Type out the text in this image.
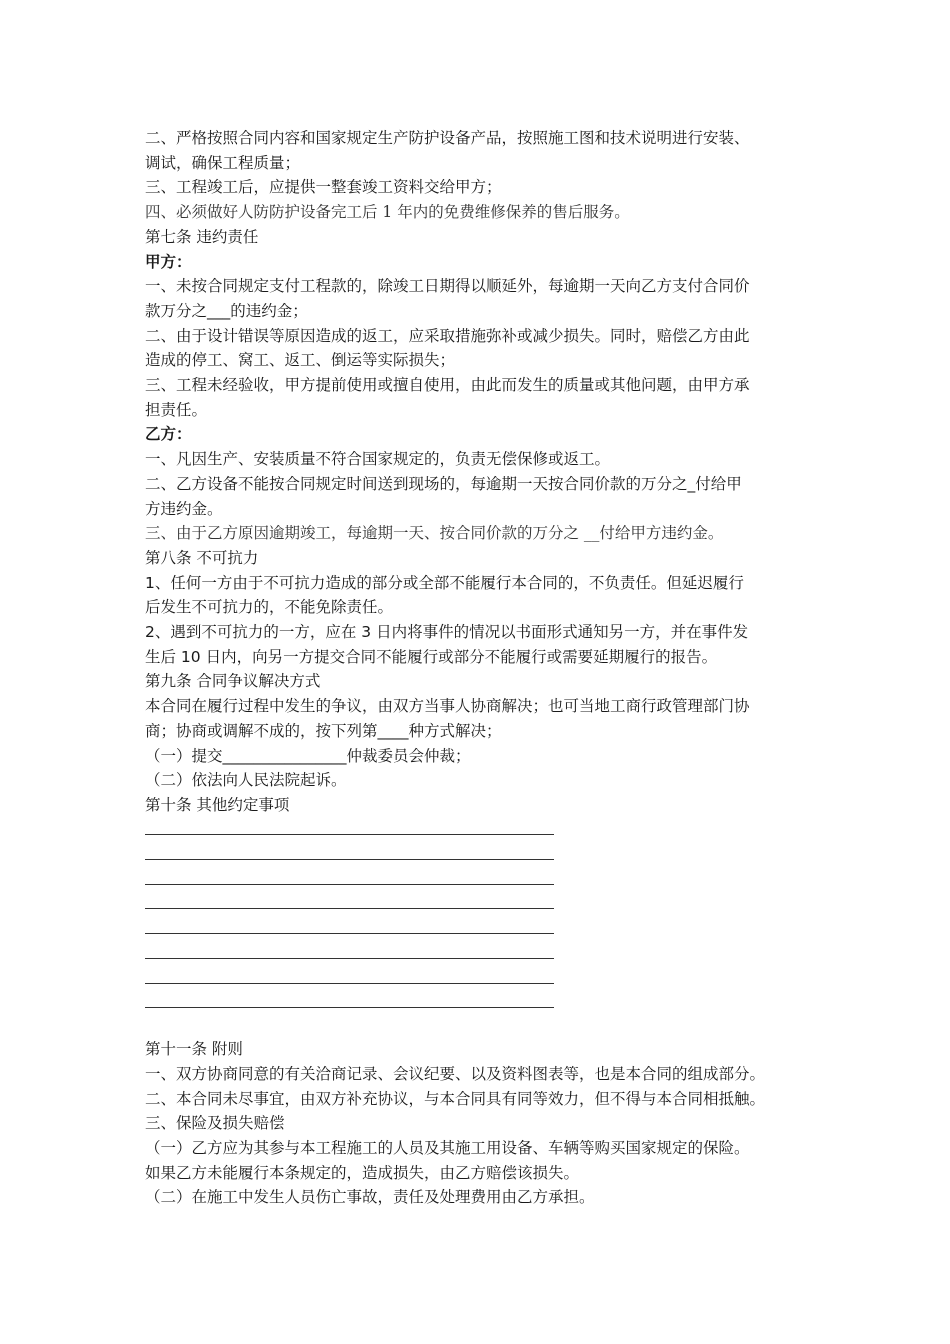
二、严格按照合同内容和国家规定生产防护设备产品，按照施工图和技术说明进行安装、
调试，确保工程质量；
三、工程竣工后，应提供一整套竣工资料交给甲方；
四、必须做好人防防护设备完工后 1 年内的免费维修保养的售后服务。
第七条 违约责任
甲方：
一、未按合同规定支付工程款的，除竣工日期得以顺延外，每逾期一天向乙方支付合同价
款万分之___的违约金；
二、由于设计错误等原因造成的返工，应采取措施弥补或减少损失。同时，赔偿乙方由此
造成的停工、窝工、返工、倒运等实际损失；
三、工程未经验收，甲方提前使用或擅自使用，由此而发生的质量或其他问题，由甲方承
担责任。
乙方：
一、凡因生产、安装质量不符合国家规定的，负责无偿保修或返工。
二、乙方设备不能按合同规定时间送到现场的，每逾期一天按合同价款的万分之_付给甲
方违约金。
三、由于乙方原因逾期竣工，每逾期一天、按合同价款的万分之 __付给甲方违约金。
第八条 不可抗力
1、任何一方由于不可抗力造成的部分或全部不能履行本合同的，不负责任。但延迟履行
后发生不可抗力的，不能免除责任。
2、遇到不可抗力的一方，应在 3 日内将事件的情况以书面形式通知另一方，并在事件发
生后 10 日内，向另一方提交合同不能履行或部分不能履行或需要延期履行的报告。
第九条 合同争议解决方式
本合同在履行过程中发生的争议，由双方当事人协商解决；也可当地工商行政管理部门协
商；协商或调解不成的，按下列第____种方式解决；
（一）提交________________仲裁委员会仲裁；
（二）依法向人民法院起诉。
第十条 其他约定事项
第十一条 附则
一、双方协商同意的有关洽商记录、会议纪要、以及资料图表等，也是本合同的组成部分。
二、本合同未尽事宜，由双方补充协议，与本合同具有同等效力，但不得与本合同相抵触。
三、保险及损失赔偿
（一）乙方应为其参与本工程施工的人员及其施工用设备、车辆等购买国家规定的保险。
如果乙方未能履行本条规定的，造成损失，由乙方赔偿该损失。
（二）在施工中发生人员伤亡事故，责任及处理费用由乙方承担。
